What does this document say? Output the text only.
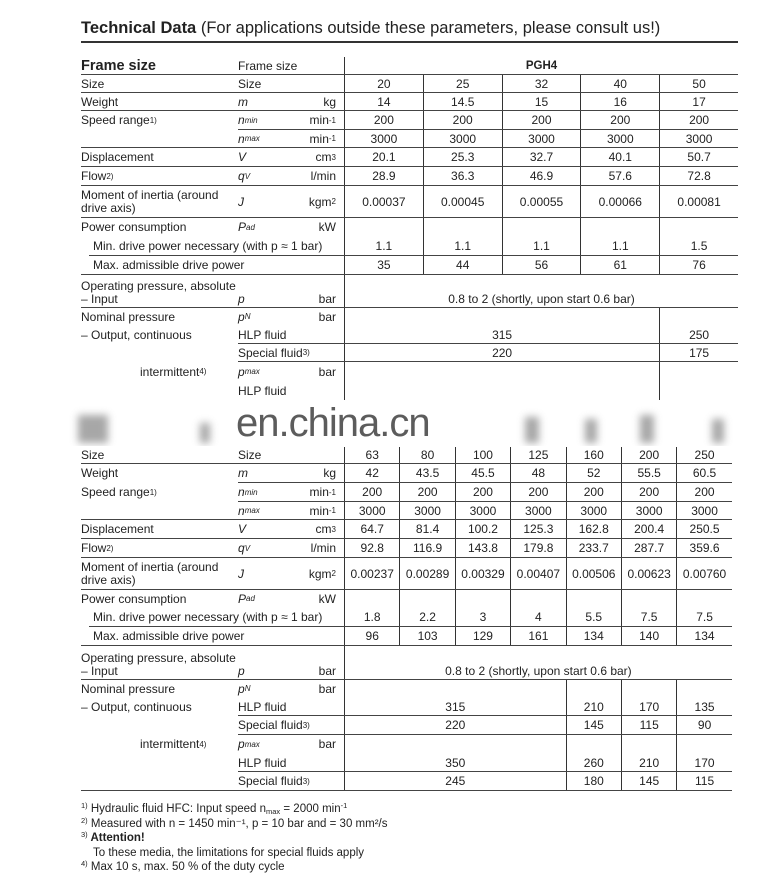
Technical Data (For applications outside these parameters, please consult us!)
Frame size	Frame size	PGH4
Size	Size	20	25	32	40	50
Weight	m	kg	14	14.5	15	16	17
Speed range 1)	n min	min -1	200	200	200	200	200
n max	min -1	3000	3000	3000	3000	3000
Displacement	V	cm 3	20.1	25.3	32.7	40.1	50.7
Flow 2)	q V	l/min	28.9	36.3	46.9	57.6	72.8
Moment of inertia (around
drive axis)	J	kgm 2	0.00037	0.00045	0.00055	0.00066	0.00081
Power consumption	P ad	kW
Min. drive power necessary (with p ≈ 1 bar)	1.1	1.1	1.1	1.1	1.5
Max. admissible drive power	35	44	56	61	76
Operating pressure, absolute
– Input	p	bar	0.8 to 2 (shortly, upon start 0.6 bar)
Nominal pressure	p N	bar
– Output, continuous	HLP fluid	315	250
Special fluid 3)	220	175
intermittent 4)	p max	bar
HLP fluid
Size	Size	63	80	100	125	160	200	250
Weight	m	kg	42	43.5	45.5	48	52	55.5	60.5
Speed range 1)	n min	min -1	200	200	200	200	200	200	200
n max	min -1	3000	3000	3000	3000	3000	3000	3000
Displacement	V	cm 3	64.7	81.4	100.2	125.3	162.8	200.4	250.5
Flow 2)	q V	l/min	92.8	116.9	143.8	179.8	233.7	287.7	359.6
Moment of inertia (around
drive axis)	J	kgm 2	0.00237	0.00289	0.00329	0.00407	0.00506	0.00623	0.00760
Power consumption	P ad	kW
Min. drive power necessary (with p ≈ 1 bar)	1.8	2.2	3	4	5.5	7.5	7.5
Max. admissible drive power	96	103	129	161	134	140	134
Operating pressure, absolute
– Input	p	bar	0.8 to 2 (shortly, upon start 0.6 bar)
Nominal pressure	p N	bar
– Output, continuous	HLP fluid	315	210	170	135
Special fluid 3)	220	145	115	90
intermittent 4)	p max	bar
HLP fluid	350	260	210	170
Special fluid 3)	245	180	145	115
en.china.cn
$^{1)}$ Hydraulic fluid HFC: Input speed $n_{max} = 2000$ $\min^{-1}$
$^{2)}$ Measured with n = 1450 min⁻¹, p = 10 bar and = 30 mm²/s
$^{3)}$ Attention!
To these media, the limitations for special fluids apply
$^{4)}$ Max 10 s, max. 50 % of the duty cycle
